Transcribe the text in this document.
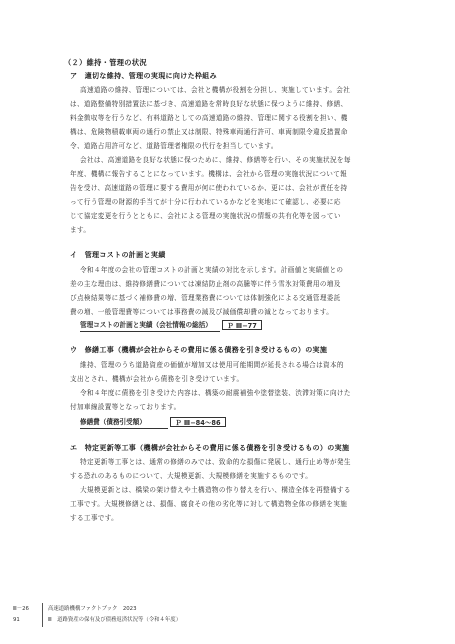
（２）維持・管理の状況
ア　適切な維持、管理の実現に向けた枠組み
高速道路の維持、管理については、会社と機構が役割を分担し、実施しています。会社
は、道路整備特別措置法に基づき、高速道路を常時良好な状態に保つように維持、修繕、
料金徴収等を行うなど、有料道路としての高速道路の維持、管理に関する役割を担い、機
構は、危険物積載車両の通行の禁止又は制限、特殊車両通行許可、車両制限令違反措置命
令、道路占用許可など、道路管理者権限の代行を担当しています。
会社は、高速道路を良好な状態に保つために、維持、修繕等を行い、その実施状況を毎
年度、機構に報告することになっています。機構は、会社から管理の実施状況について報
告を受け、高速道路の管理に要する費用が何に使われているか、更には、会社が責任を持
って行う管理の財源的手当てが十分に行われているかなどを実地にて確認し、必要に応
じて協定変更を行うとともに、会社による管理の実施状況の情報の共有化等を図ってい
ます。
イ　管理コストの計画と実績
令和４年度の会社の管理コストの計画と実績の対比を示します。計画値と実績値との
差の主な理由は、維持修繕費については凍結防止剤の高騰等に伴う雪氷対策費用の増及
び点検結果等に基づく補修費の増、管理業務費については体制強化による交通管理委託
費の増、一般管理費等については事務費の減及び減価償却費の減となっております。
管理コストの計画と実績（会社情報の総括）	Ｐ Ⅲ−77
ウ　修繕工事（機構が会社からその費用に係る債務を引き受けるもの）の実施
維持、管理のうち道路資産の価値が増加又は使用可能期間が延長される場合は資本的
支出とされ、機構が会社から債務を引き受けています。
令和４年度に債務を引き受けた内容は、構築の耐震補強や塗替塗装、渋滞対策に向けた
付加車線設置等となっております。
修繕費（債務引受額）	Ｐ Ⅲ−84〜86
エ　特定更新等工事（機構が会社からその費用に係る債務を引き受けるもの）の実施
特定更新等工事とは、通常の修繕のみでは、致命的な損傷に発展し、通行止め等が発生
する恐れのあるものについて、大規模更新、大規模修繕を実施するものです。
大規模更新とは、橋梁の架け替えや土構造物の作り替えを行い、構造全体を再整備する
工事です。大規模修繕とは、損傷、腐食その他の劣化等に対して構造物全体の修繕を実施
する工事です。
Ⅲ－26
91
高速道路機構ファクトブック　2023
Ⅲ　道路資産の保有及び債務返済状況等（令和４年度）
